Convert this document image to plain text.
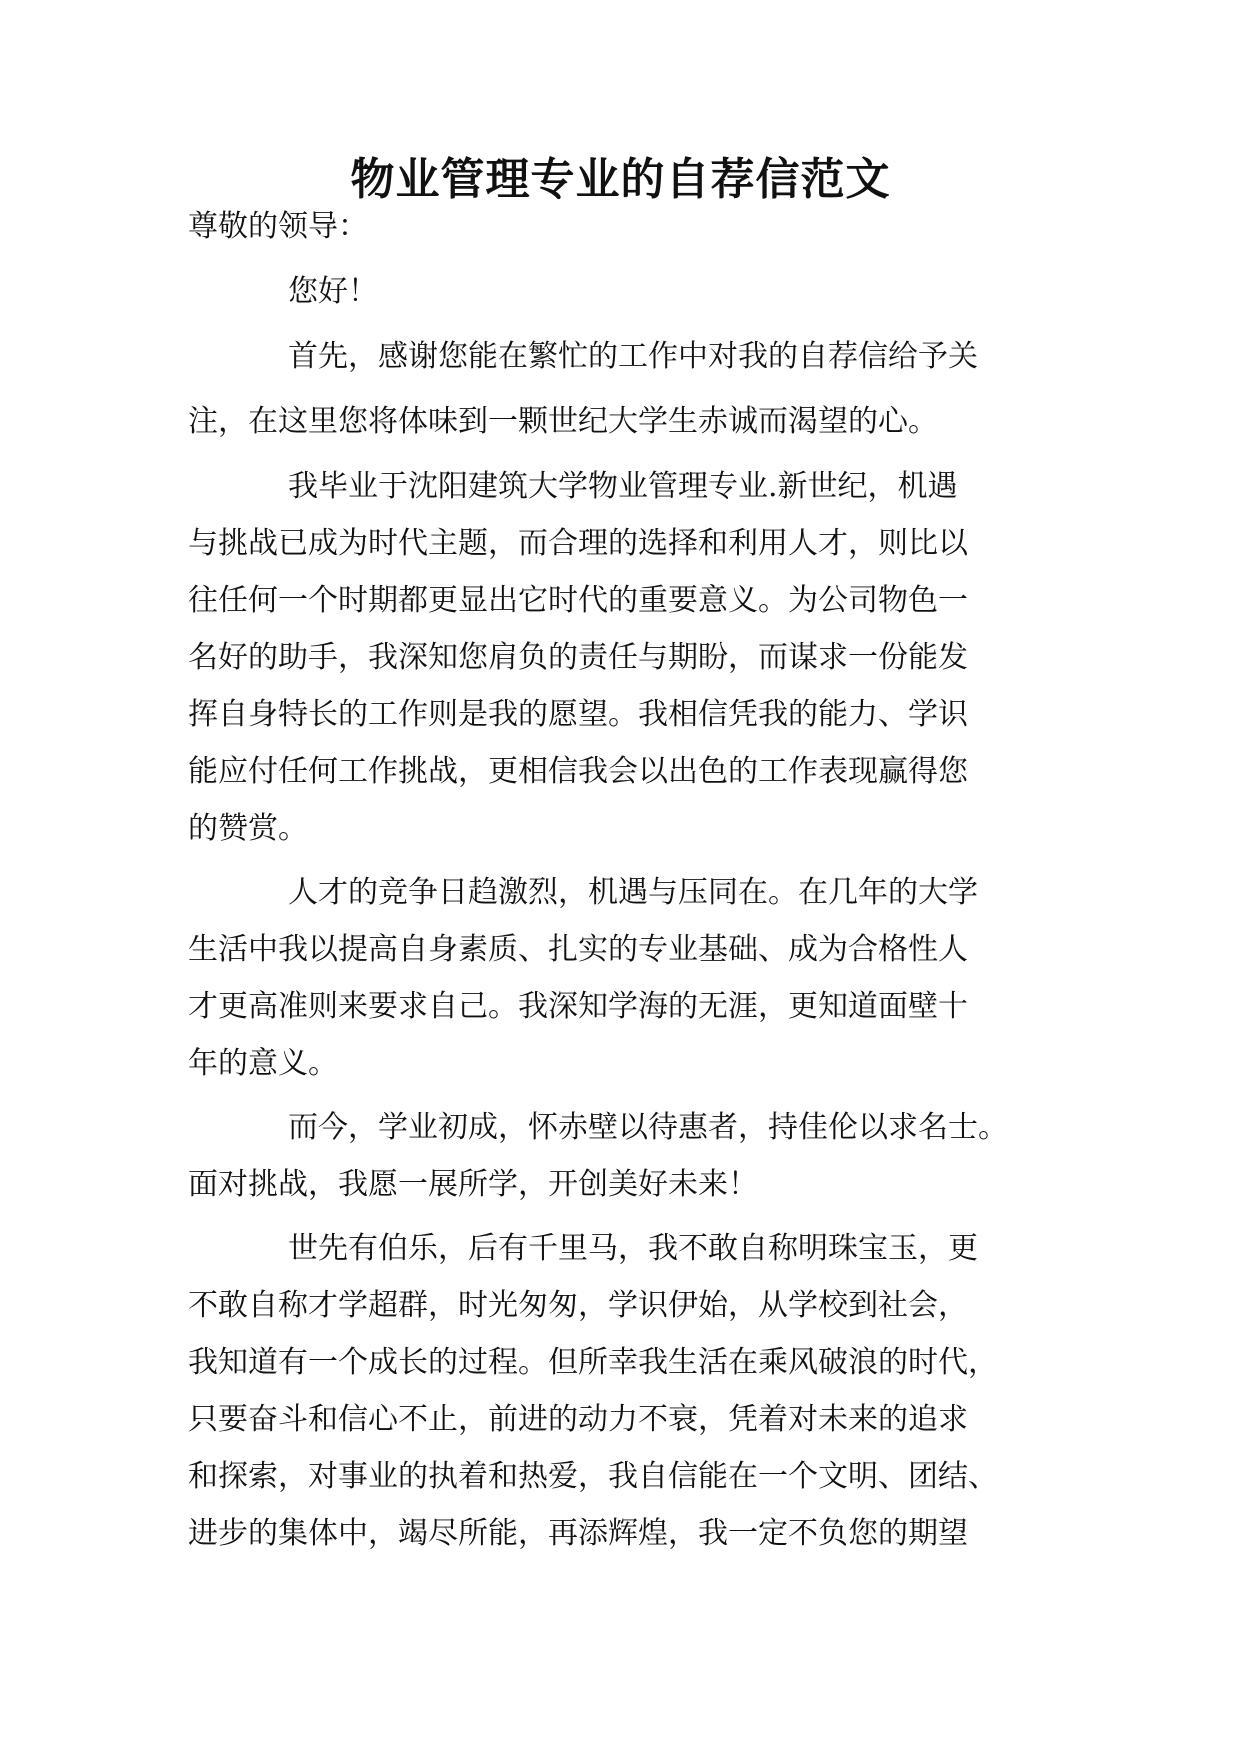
物业管理专业的自荐信范文

尊敬的领导：

您好！

首先，感谢您能在繁忙的工作中对我的自荐信给予关

注，在这里您将体味到一颗世纪大学生赤诚而渴望的心。

我毕业于沈阳建筑大学物业管理专业.新世纪，机遇

与挑战已成为时代主题，而合理的选择和利用人才，则比以

往任何一个时期都更显出它时代的重要意义。为公司物色一

名好的助手，我深知您肩负的责任与期盼，而谋求一份能发

挥自身特长的工作则是我的愿望。我相信凭我的能力、学识

能应付任何工作挑战，更相信我会以出色的工作表现赢得您

的赞赏。

人才的竞争日趋激烈，机遇与压同在。在几年的大学

生活中我以提高自身素质、扎实的专业基础、成为合格性人

才更高准则来要求自己。我深知学海的无涯，更知道面壁十

年的意义。

而今，学业初成，怀赤壁以待惠者，持佳伦以求名士。

面对挑战，我愿一展所学，开创美好未来！

世先有伯乐，后有千里马，我不敢自称明珠宝玉，更

不敢自称才学超群，时光匆匆，学识伊始，从学校到社会，

我知道有一个成长的过程。但所幸我生活在乘风破浪的时代，

只要奋斗和信心不止，前进的动力不衰，凭着对未来的追求

和探索，对事业的执着和热爱，我自信能在一个文明、团结、

进步的集体中，竭尽所能，再添辉煌，我一定不负您的期望
